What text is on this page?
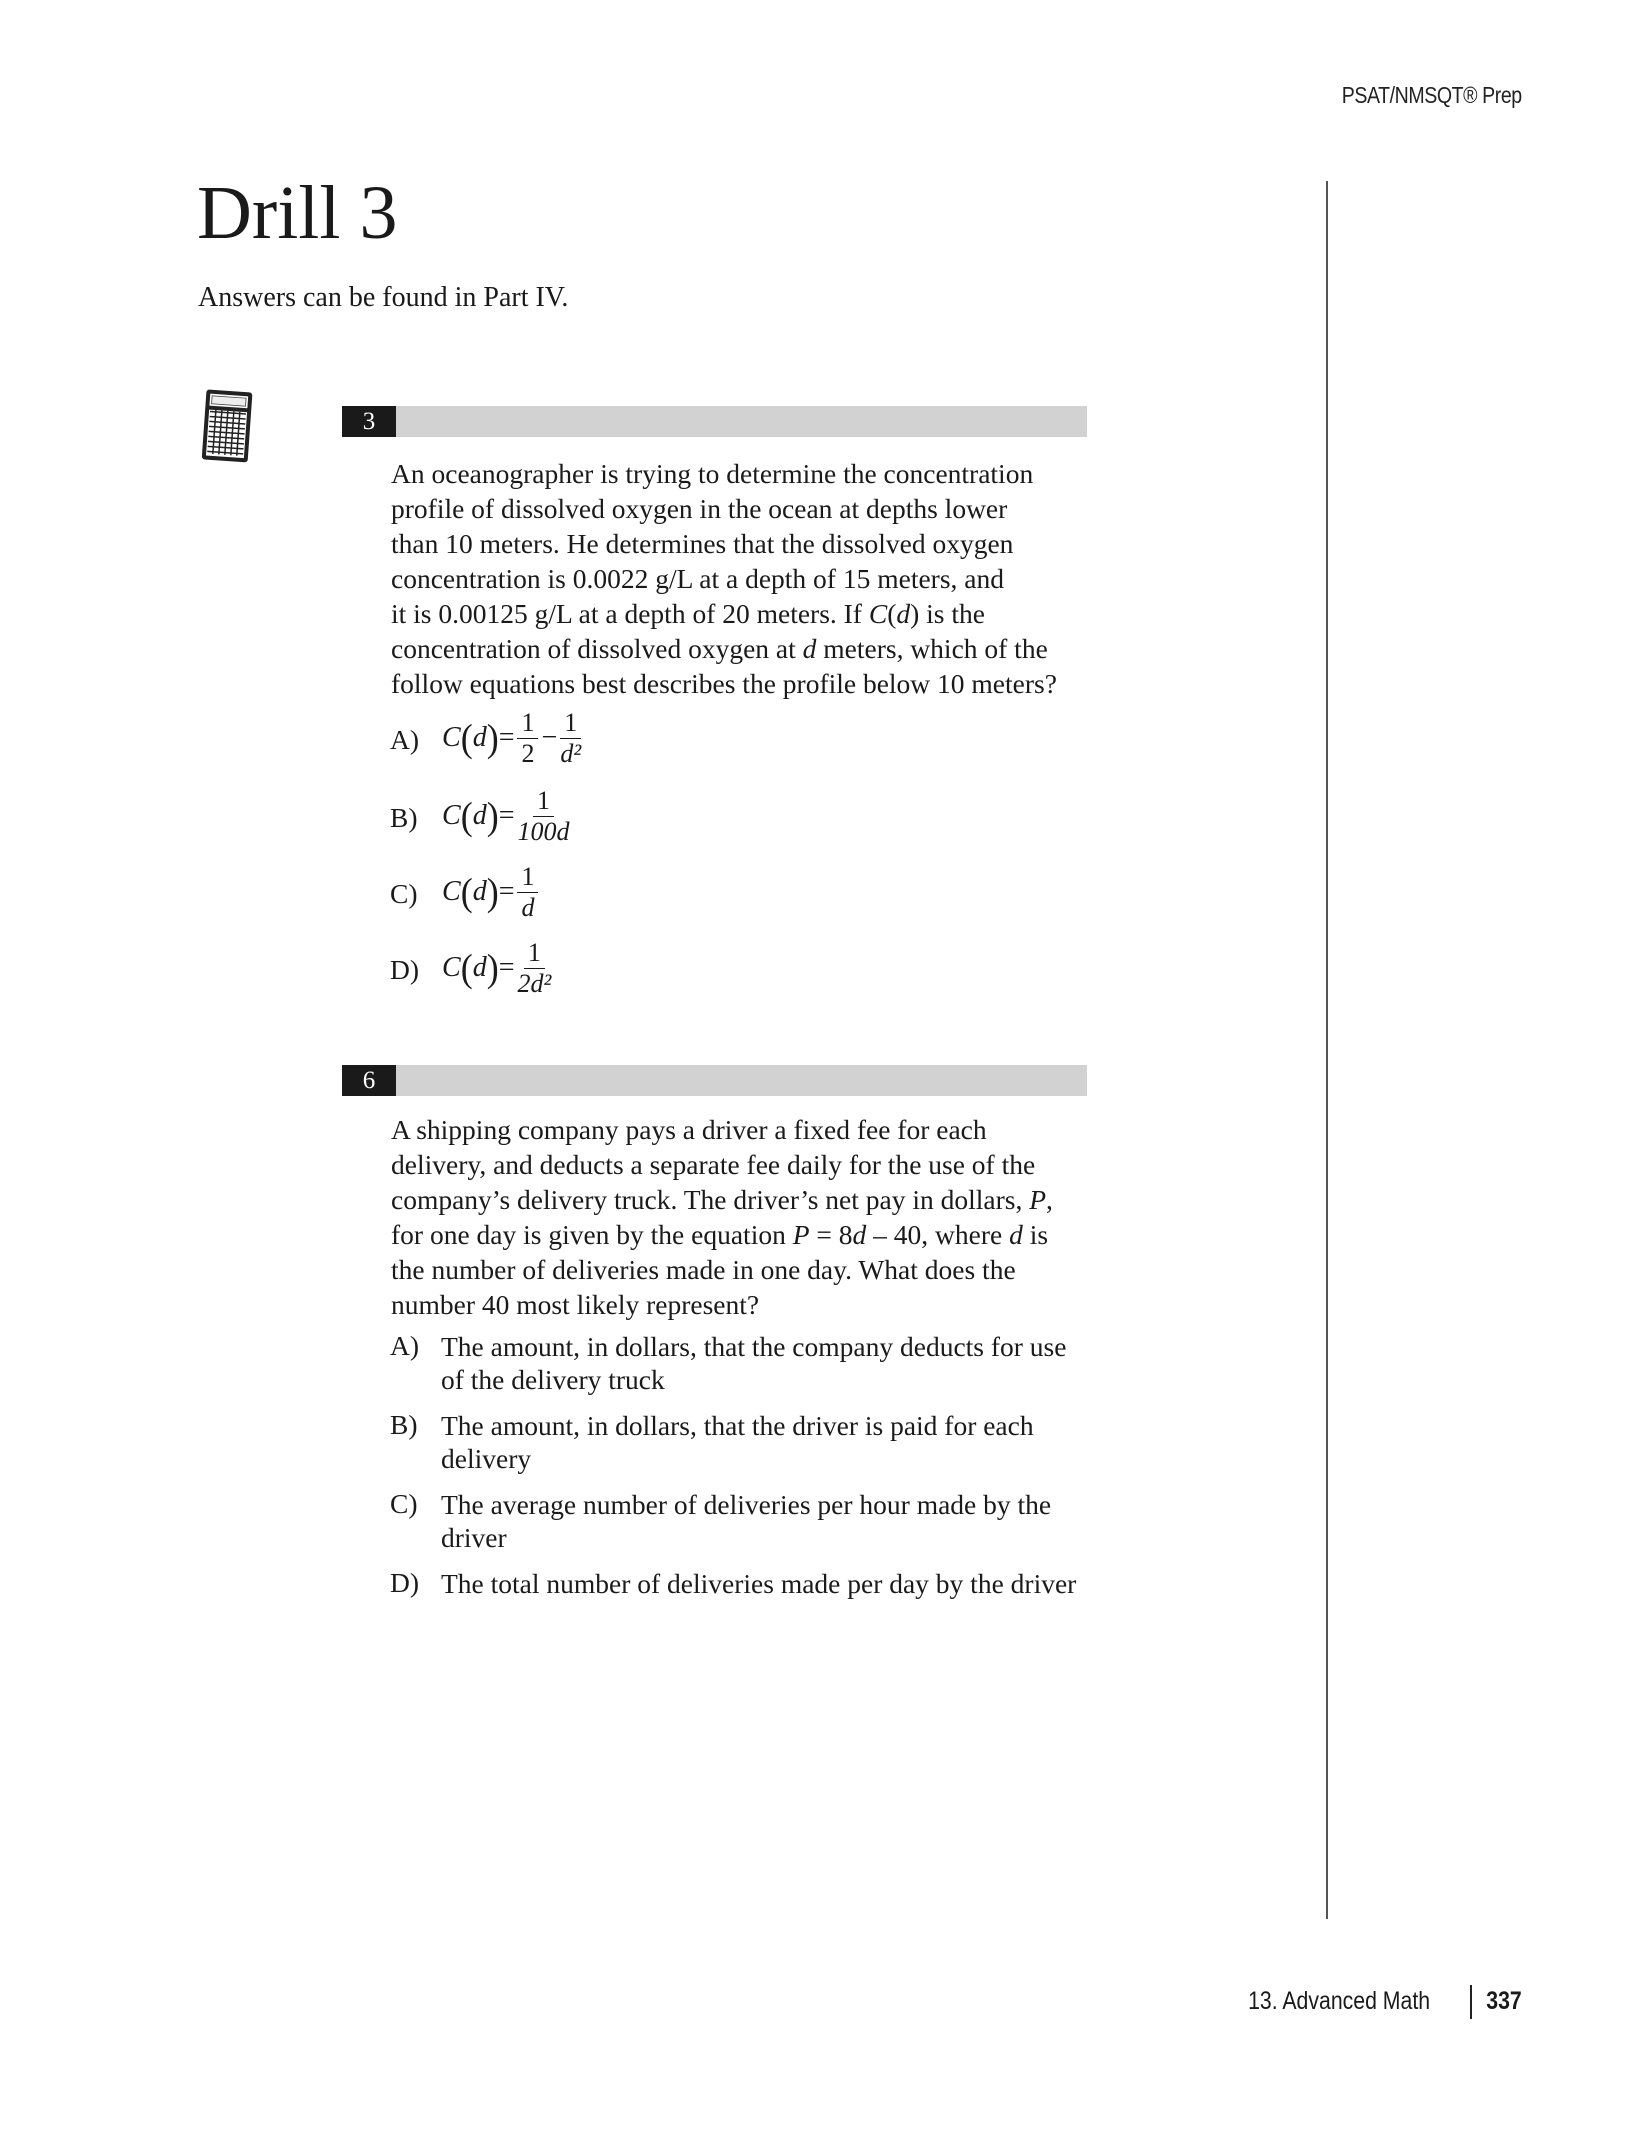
PSAT/NMSQT® Prep
Drill 3
Answers can be found in Part IV.
3
An oceanographer is trying to determine the concentration
profile of dissolved oxygen in the ocean at depths lower
than 10 meters. He determines that the dissolved oxygen
concentration is 0.0022 g/L at a depth of 15 meters, and
it is 0.00125 g/L at a depth of 20 meters. If C(d) is the
concentration of dissolved oxygen at d meters, which of the
follow equations best describes the profile below 10 meters?
A) C ( d ) = $\frac{1}{2} - \frac{1}{\text{d²}}$
B) C ( d ) = $\frac{1}{100d}$
C) C ( d ) = $\frac{1}{d}$
D) C ( d ) = $\frac{1}{\text{2d²}}$
6
A shipping company pays a driver a fixed fee for each
delivery, and deducts a separate fee daily for the use of the
company’s delivery truck. The driver’s net pay in dollars, P,
for one day is given by the equation P = 8d – 40, where d is
the number of deliveries made in one day. What does the
number 40 most likely represent?
A) The amount, in dollars, that the company deducts for use
of the delivery truck
B) The amount, in dollars, that the driver is paid for each
delivery
C) The average number of deliveries per hour made by the
driver
D) The total number of deliveries made per day by the driver
13. Advanced Math 337
